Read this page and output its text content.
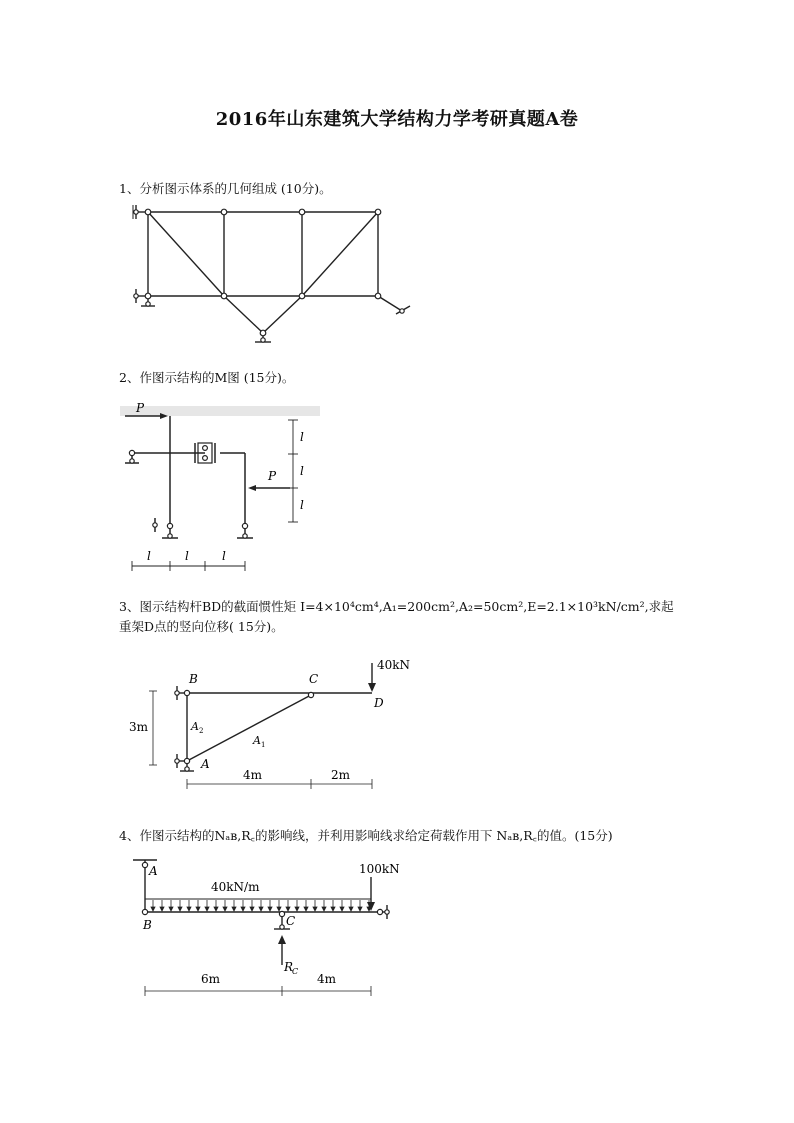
2016年山东建筑大学结构力学考研真题A卷
1、分析图示体系的几何组成 (10分)。
2、作图示结构的M图 (15分)。
P
P
l
l
l
l	l	l
3、图示结构杆BD的截面惯性矩 I=4×10⁴cm⁴,A₁=200cm²,A₂=50cm²,E=2.1×10³kN/cm²,求起
重架D点的竖向位移( 15分)。
B	C
D
A
40kN
3m
4m	2m
A 2
A 1
4、作图示结构的Nₐʙ,R꜀的影响线，并利用影响线求给定荷载作用下 Nₐʙ,R꜀的值。(15分)
A
B	C
40kN/m
100kN
R
C
6m	4m
